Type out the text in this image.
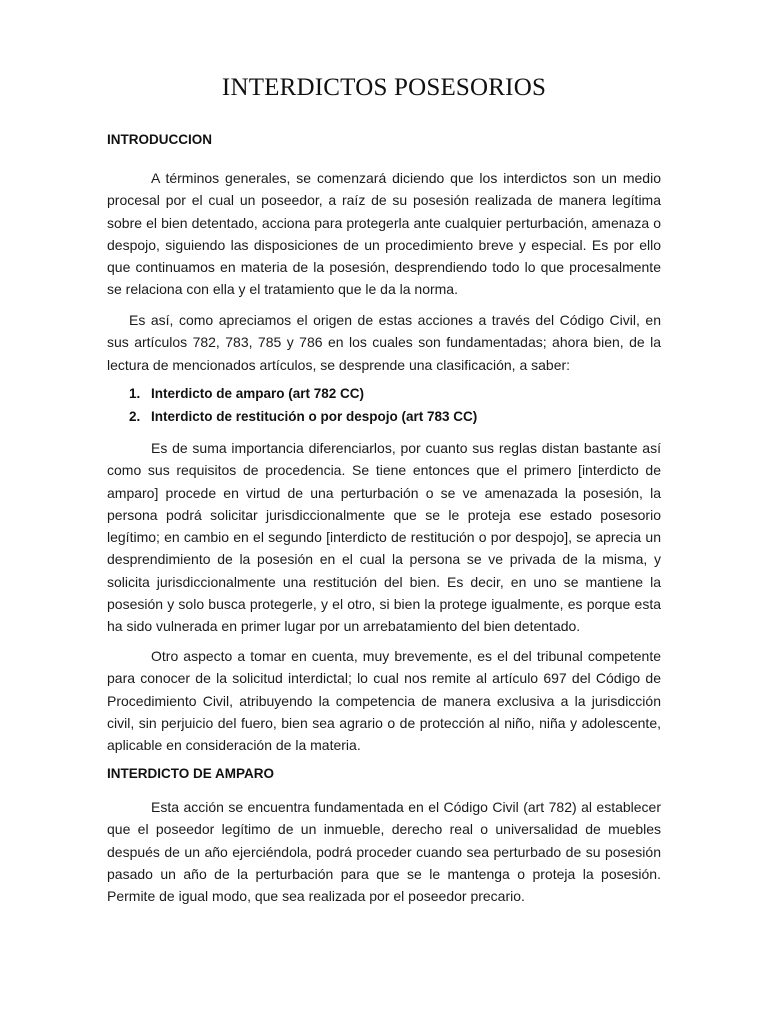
INTERDICTOS POSESORIOS
INTRODUCCION

A términos generales, se comenzará diciendo que los interdictos son un medio procesal por el cual un poseedor, a raíz de su posesión realizada de manera legítima sobre el bien detentado, acciona para protegerla ante cualquier perturbación, amenaza o despojo, siguiendo las disposiciones de un procedimiento breve y especial. Es por ello que continuamos en materia de la posesión, desprendiendo todo lo que procesalmente se relaciona con ella y el tratamiento que le da la norma.

Es así, como apreciamos el origen de estas acciones a través del Código Civil, en sus artículos 782, 783, 785 y 786 en los cuales son fundamentadas; ahora bien, de la lectura de mencionados artículos, se desprende una clasificación, a saber:

1. Interdicto de amparo (art 782 CC)
2. Interdicto de restitución o por despojo (art 783 CC)

Es de suma importancia diferenciarlos, por cuanto sus reglas distan bastante así como sus requisitos de procedencia. Se tiene entonces que el primero [interdicto de amparo] procede en virtud de una perturbación o se ve amenazada la posesión, la persona podrá solicitar jurisdiccionalmente que se le proteja ese estado posesorio legítimo; en cambio en el segundo [interdicto de restitución o por despojo], se aprecia un desprendimiento de la posesión en el cual la persona se ve privada de la misma, y solicita jurisdiccionalmente una restitución del bien. Es decir, en uno se mantiene la posesión y solo busca protegerle, y el otro, si bien la protege igualmente, es porque esta ha sido vulnerada en primer lugar por un arrebatamiento del bien detentado.

Otro aspecto a tomar en cuenta, muy brevemente, es el del tribunal competente para conocer de la solicitud interdictal; lo cual nos remite al artículo 697 del Código de Procedimiento Civil, atribuyendo la competencia de manera exclusiva a la jurisdicción civil, sin perjuicio del fuero, bien sea agrario o de protección al niño, niña y adolescente, aplicable en consideración de la materia.

INTERDICTO DE AMPARO

Esta acción se encuentra fundamentada en el Código Civil (art 782) al establecer que el poseedor legítimo de un inmueble, derecho real o universalidad de muebles después de un año ejerciéndola, podrá proceder cuando sea perturbado de su posesión pasado un año de la perturbación para que se le mantenga o proteja la posesión. Permite de igual modo, que sea realizada por el poseedor precario.
